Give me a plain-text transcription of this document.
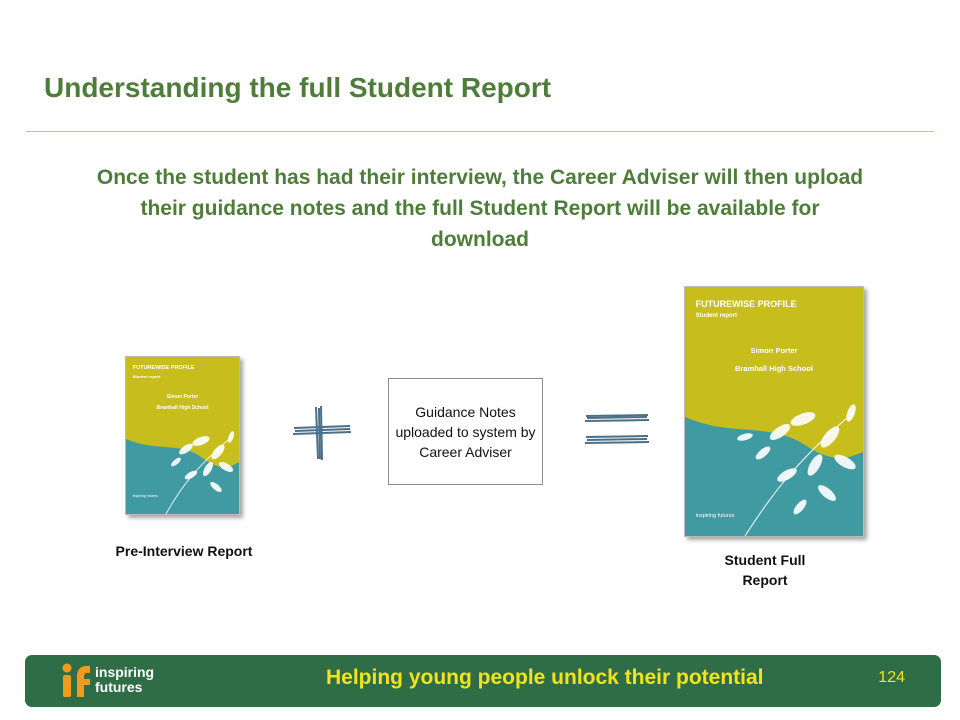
Understanding the full Student Report
Once the student has had their interview, the Career Adviser will then upload their guidance notes and the full Student Report will be available for download
FUTUREWISE PROFILE
Student report
Simon Porter
Bramhall High School
inspiring futures
Pre-Interview Report
Guidance Notes uploaded to system by Career Adviser
FUTUREWISE PROFILE
Student report
Simon Porter
Bramhall High School
inspiring futures
Student Full Report
inspiring futures	Helping young people unlock their potential	124
